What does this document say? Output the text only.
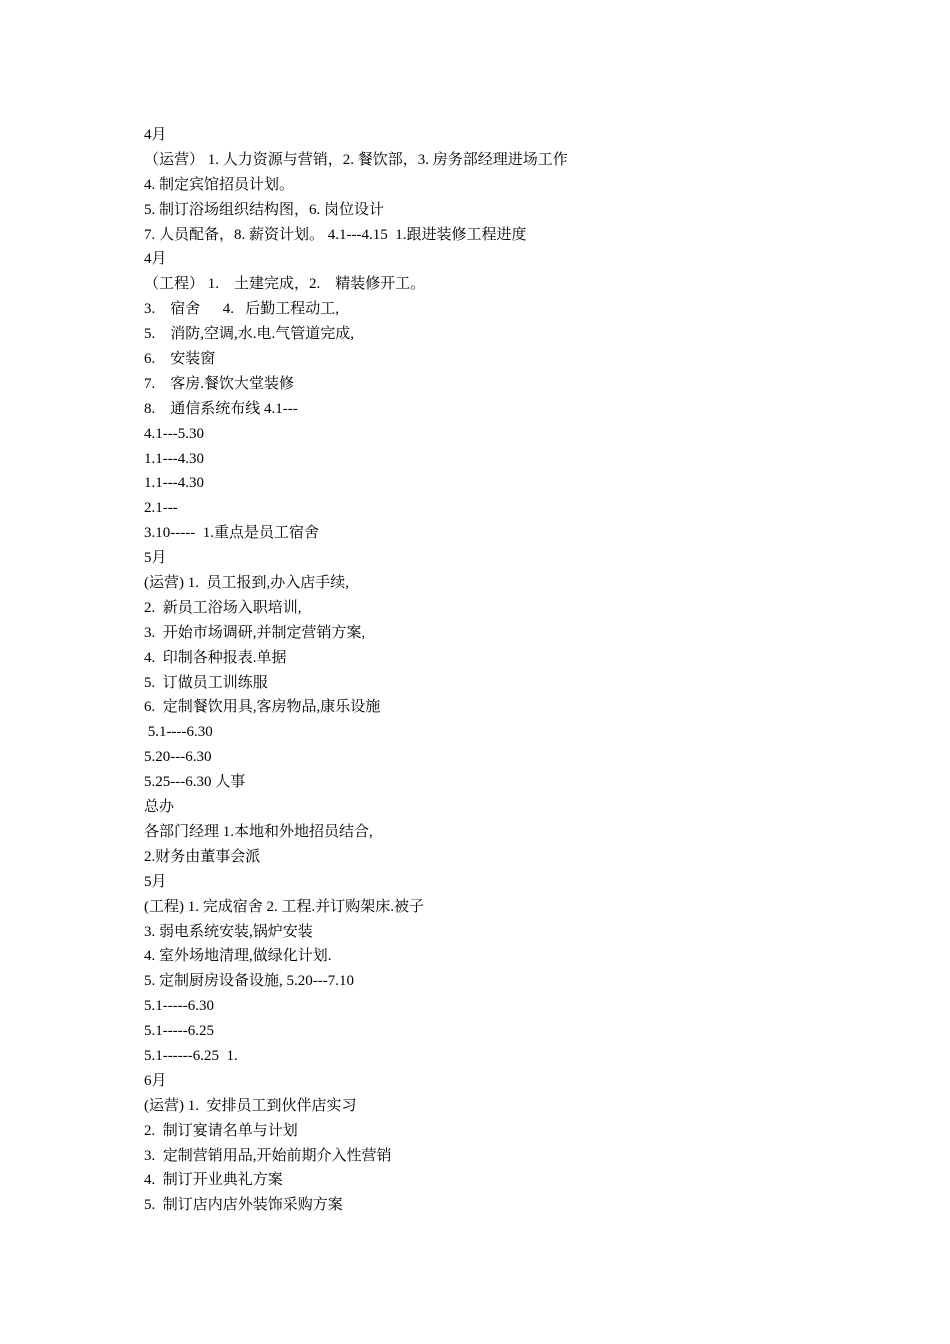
4月
（运营） 1. 人力资源与营销，2. 餐饮部，3. 房务部经理进场工作
4. 制定宾馆招员计划。
5. 制订浴场组织结构图，6. 岗位设计
7. 人员配备，8. 薪资计划。 4.1---4.15  1.跟进装修工程进度
4月
（工程） 1.    土建完成，2.    精装修开工。
3.    宿舍      4.   后勤工程动工,
5.    消防,空调,水.电.气管道完成,
6.    安装窗
7.    客房.餐饮大堂装修
8.    通信系统布线 4.1---
4.1---5.30
1.1---4.30
1.1---4.30
2.1---
3.10-----  1.重点是员工宿舍
5月
(运营) 1.  员工报到,办入店手续,
2.  新员工浴场入职培训,
3.  开始市场调研,并制定营销方案,
4.  印制各种报表.单据
5.  订做员工训练服
6.  定制餐饮用具,客房物品,康乐设施
5.1----6.30
5.20---6.30
5.25---6.30 人事
总办
各部门经理 1.本地和外地招员结合,
2.财务由董事会派
5月
(工程) 1. 完成宿舍 2. 工程.并订购架床.被子
3. 弱电系统安装,锅炉安装
4. 室外场地清理,做绿化计划.
5. 定制厨房设备设施, 5.20---7.10
5.1-----6.30
5.1-----6.25
5.1------6.25  1.
6月
(运营) 1.  安排员工到伙伴店实习
2.  制订宴请名单与计划
3.  定制营销用品,开始前期介入性营销
4.  制订开业典礼方案
5.  制订店内店外装饰采购方案
